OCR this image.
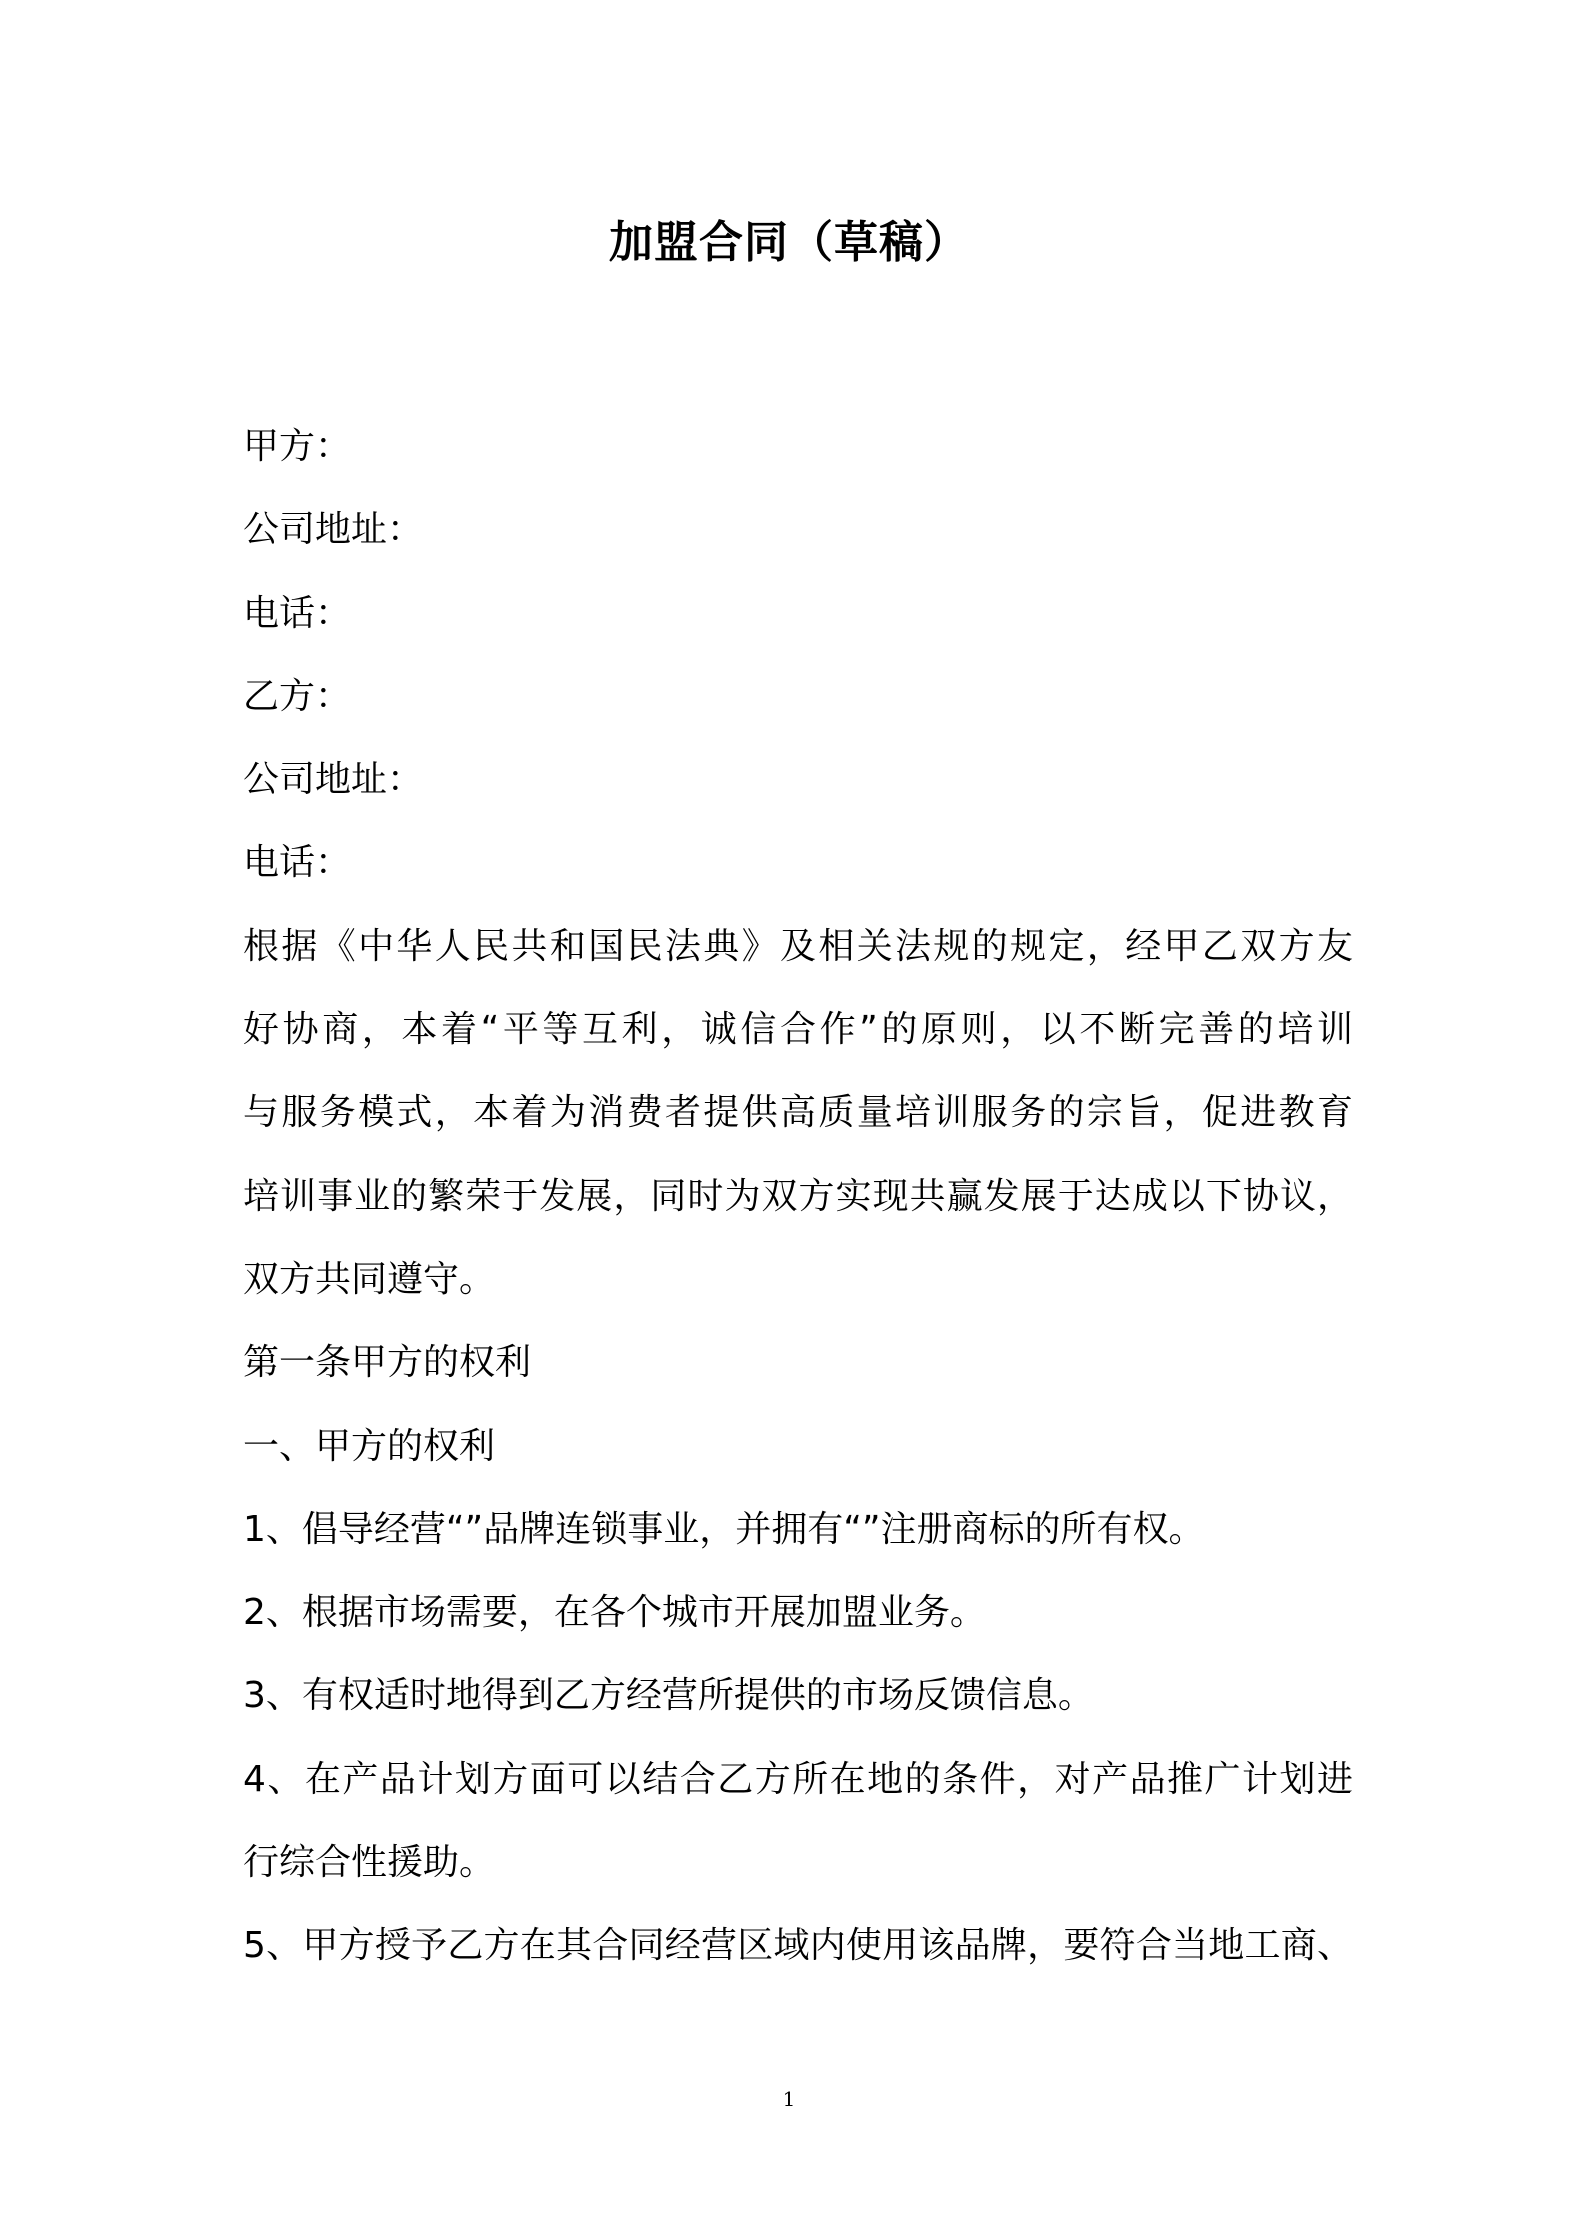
加盟合同（草稿）
甲方：
公司地址：
电话：
乙方：
公司地址：
电话：
根据《中华人民共和国民法典》及相关法规的规定，经甲乙双方友
好协商，本着“平等互利，诚信合作”的原则，以不断完善的培训
与服务模式，本着为消费者提供高质量培训服务的宗旨，促进教育
培训事业的繁荣于发展，同时为双方实现共赢发展于达成以下协议，
双方共同遵守。
第一条甲方的权利
一、甲方的权利
1、倡导经营“”品牌连锁事业，并拥有“”注册商标的所有权。
2、根据市场需要，在各个城市开展加盟业务。
3、有权适时地得到乙方经营所提供的市场反馈信息。
4、在产品计划方面可以结合乙方所在地的条件，对产品推广计划进
行综合性援助。
5、甲方授予乙方在其合同经营区域内使用该品牌，要符合当地工商、
1
